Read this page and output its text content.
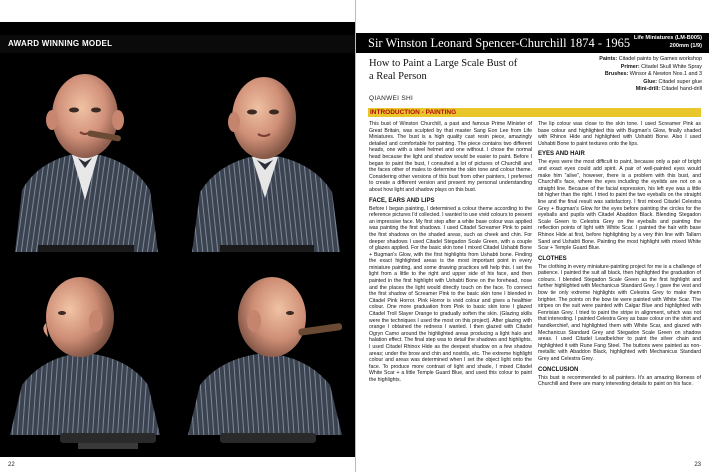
AWARD WINNING MODEL
22
Sir Winston Leonard Spencer-Churchill 1874 - 1965 Life Miniatures (LM-B005)
200mm (1/9)
How to Paint a Large Scale Bust of a Real Person
Paints: Citadel paints by Games workshop
Primer: Citadel Skull White Spray
Brushes: Winsor & Newton Nos.1 and 3
Glue: Citadel super glue
Mini-drill: Citadel hand-drill
QIANWEI SHI
INTRODUCTION - PAINTING

This bust of Winston Churchill, a past and famous Prime Minister of Great Britain, was sculpted by that master Sang Eon Lee from Life Miniatures. The bust is a high quality cast resin piece, amazingly detailed and comfortable for painting. The piece contains two different heads, one with a steel helmet and one without. I chose the normal head because the light and shadow would be easier to paint. Before I began to paint the bust, I consulted a lot of pictures of Churchill and the faces other of males to determine the skin tone and colour theme. Considering other versions of this bust from other painters, I preferred to create a different version and present my personal understanding about how light and shadow plays on this bust.

FACE, EARS AND LIPS

Before I began painting, I determined a colour theme according to the reference pictures I'd collected. I wanted to use vivid colours to present an impressive face. My first step after a white base colour was applied was painting the first shadows. I used Citadel Screamer Pink to paint the first shadows on the shaded areas, such as cheek and chin. For deeper shadows I used Citadel Stegadon Scale Green, with a couple of glazes applied. For the basic skin tone I mixed Citadel Ushabti Bone + Bugman's Glow, with the first highlights from Ushabti bone. Finding the exact highlighted areas is the most important point in every miniature painting, and some drawing practices will help this. I set the light from a little to the right and upper side of his face, and then painted in the first highlight with Ushabti Bone on the forehead, nose and the places the light would directly touch on the face. To connect the first shadow of Screamer Pink to the basic skin tone I blended in Citadel Pink Horror. Pink Horror is vivid colour and gives a healthier colour. One more graduation from Pink to basic skin tone I glazed Citadel Troll Slayer Orange to gradually soften the skin. (Glazing skills were the techniques I used the most on this project). After glazing with orange I obtained the redness I wanted. I then glazed with Citadel Ogryn Camo around the highlighted areas producing a light halo and halation effect. The final step was to detail the shadows and highlights. I used Citadel Rhinox Hide as the deepest shadow on a few shadow areas; under the brow and chin and nostrils, etc. The extreme highlight colour and areas was determined when I set the object light onto the face. To produce more contrast of light and shade, I mixed Citadel White Scar + a little Temple Guard Blue, and used this colour to paint the highlights.

The lip colour was close to the skin tone. I used Screamer Pink as base colour and highlighted this with Bugman's Glow, finally shaded with Rhinox Hide and highlighted with Ushabti Bone. Also I used Ushabti Bone to paint textures onto the lips.

EYES AND HAIR

The eyes were the most difficult to paint, because only a pair of bright and exact eyes could add spirit. A pair of well-painted eyes would make him "alive", however, there is a problem with this bust, and Churchill's face, where the eyes including the eyelids are not on a straight line. Because of the facial expression, his left eye was a little bit higher than the right. I tried to paint the two eyeballs on the straight line and the final result was satisfactory. I first mixed Citadel Celestra Grey + Bugman's Glow for the eyes before painting the circles for the eyeballs and pupils with Citadel Abaddon Black. Blending Stegadon Scale Green to Celestra Grey on the eyeballs and painting the reflection points of light with White Scar. I painted the hair with base Rhinox Hide at first, before highlighting by a very thin line with Tallarn Sand and Ushabti Bone. Painting the most highlight with mixed White Scar + Temple Guard Blue.

CLOTHES

The clothing in every miniature-painting project for me is a challenge of patience. I painted the suit all black, then highlighted the graduation of colours. I blended Stegadon Scale Green as the first highlight and further highlighted with Mechanicus Standard Grey. I gave the vest and bow tie only extreme highlights with Celestra Grey to make them brighter. The points on the bow tie were painted with White Scar. The stripes on the suit were painted with Calgar Blue and highlighted with Fenrisian Grey. I tried to paint the stripe in alignment, which was not that interesting. I painted Celestra Grey as base colour on the shirt and handkerchief, and highlighted them with White Scar, and glazed with Mechanicus Standard Grey and Stegadon Scale Green on shadow areas. I used Citadel Leadbelcher to paint the silver chain and highlighted it with Rune Fang Steel. The buttons were painted as non-metallic with Abaddon Black, highlighted with Mechanicus Standard Grey and Celestra Grey.

CONCLUSION

This bust is recommended to all painters. It's an amazing likeness of Churchill and there are many interesting details to paint on his face.

23
